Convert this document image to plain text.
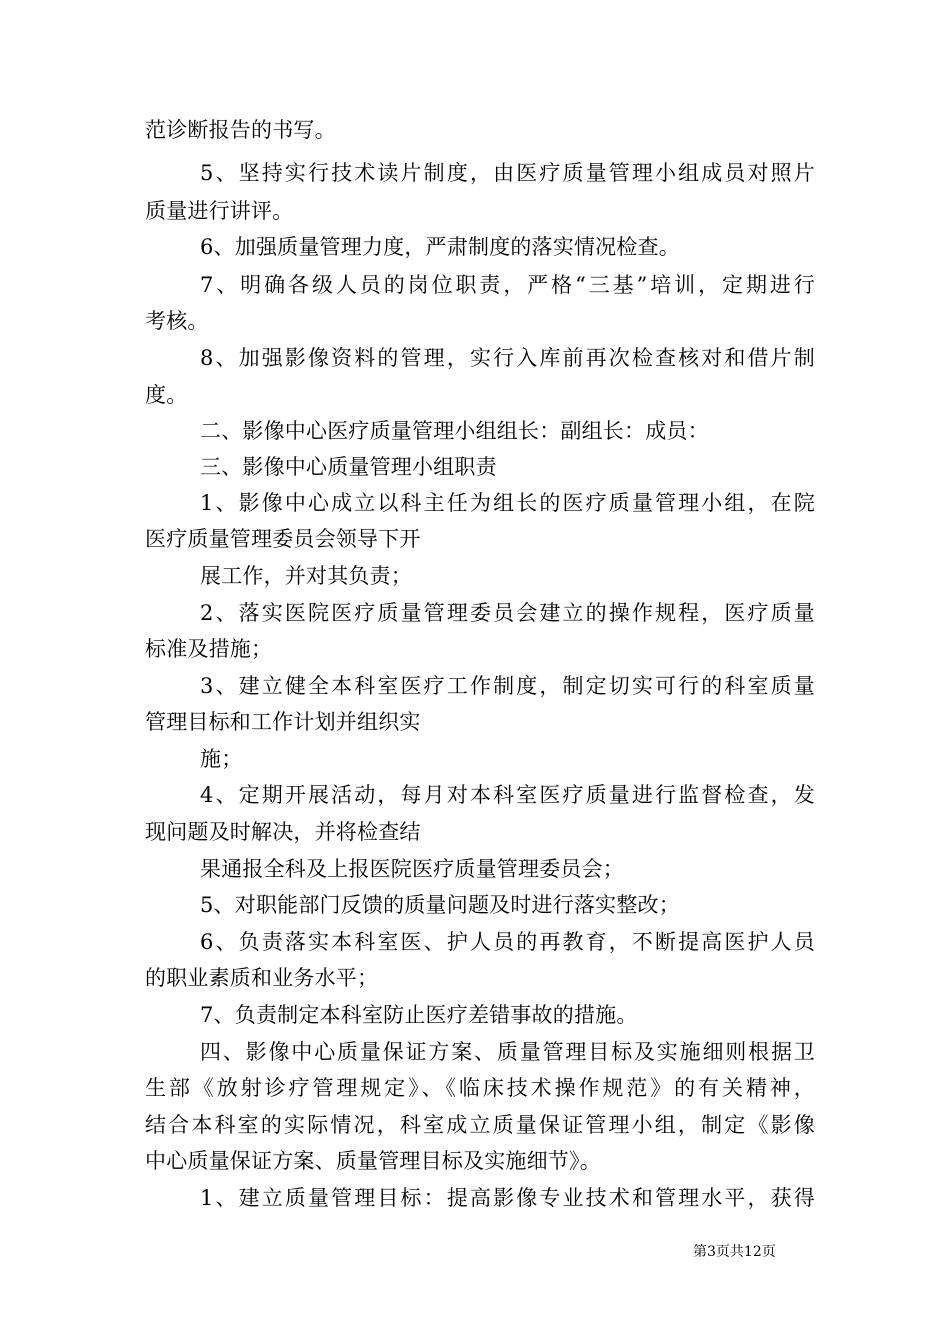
范诊断报告的书写。
5、坚持实行技术读片制度，由医疗质量管理小组成员对照片
质量进行讲评。
6、加强质量管理力度，严肃制度的落实情况检查。
7、明确各级人员的岗位职责，严格“三基”培训，定期进行
考核。
8、加强影像资料的管理，实行入库前再次检查核对和借片制
度。
二、影像中心医疗质量管理小组组长：副组长：成员：
三、影像中心质量管理小组职责
1、影像中心成立以科主任为组长的医疗质量管理小组，在院
医疗质量管理委员会领导下开
展工作，并对其负责；
2、落实医院医疗质量管理委员会建立的操作规程，医疗质量
标准及措施；
3、建立健全本科室医疗工作制度，制定切实可行的科室质量
管理目标和工作计划并组织实
施；
4、定期开展活动，每月对本科室医疗质量进行监督检查，发
现问题及时解决，并将检查结
果通报全科及上报医院医疗质量管理委员会；
5、对职能部门反馈的质量问题及时进行落实整改；
6、负责落实本科室医、护人员的再教育，不断提高医护人员
的职业素质和业务水平；
7、负责制定本科室防止医疗差错事故的措施。
四、影像中心质量保证方案、质量管理目标及实施细则根据卫
生部《放射诊疗管理规定》、《临床技术操作规范》的有关精神，
结合本科室的实际情况，科室成立质量保证管理小组，制定《影像
中心质量保证方案、质量管理目标及实施细节》。
1、建立质量管理目标：提高影像专业技术和管理水平，获得
第3页共12页
